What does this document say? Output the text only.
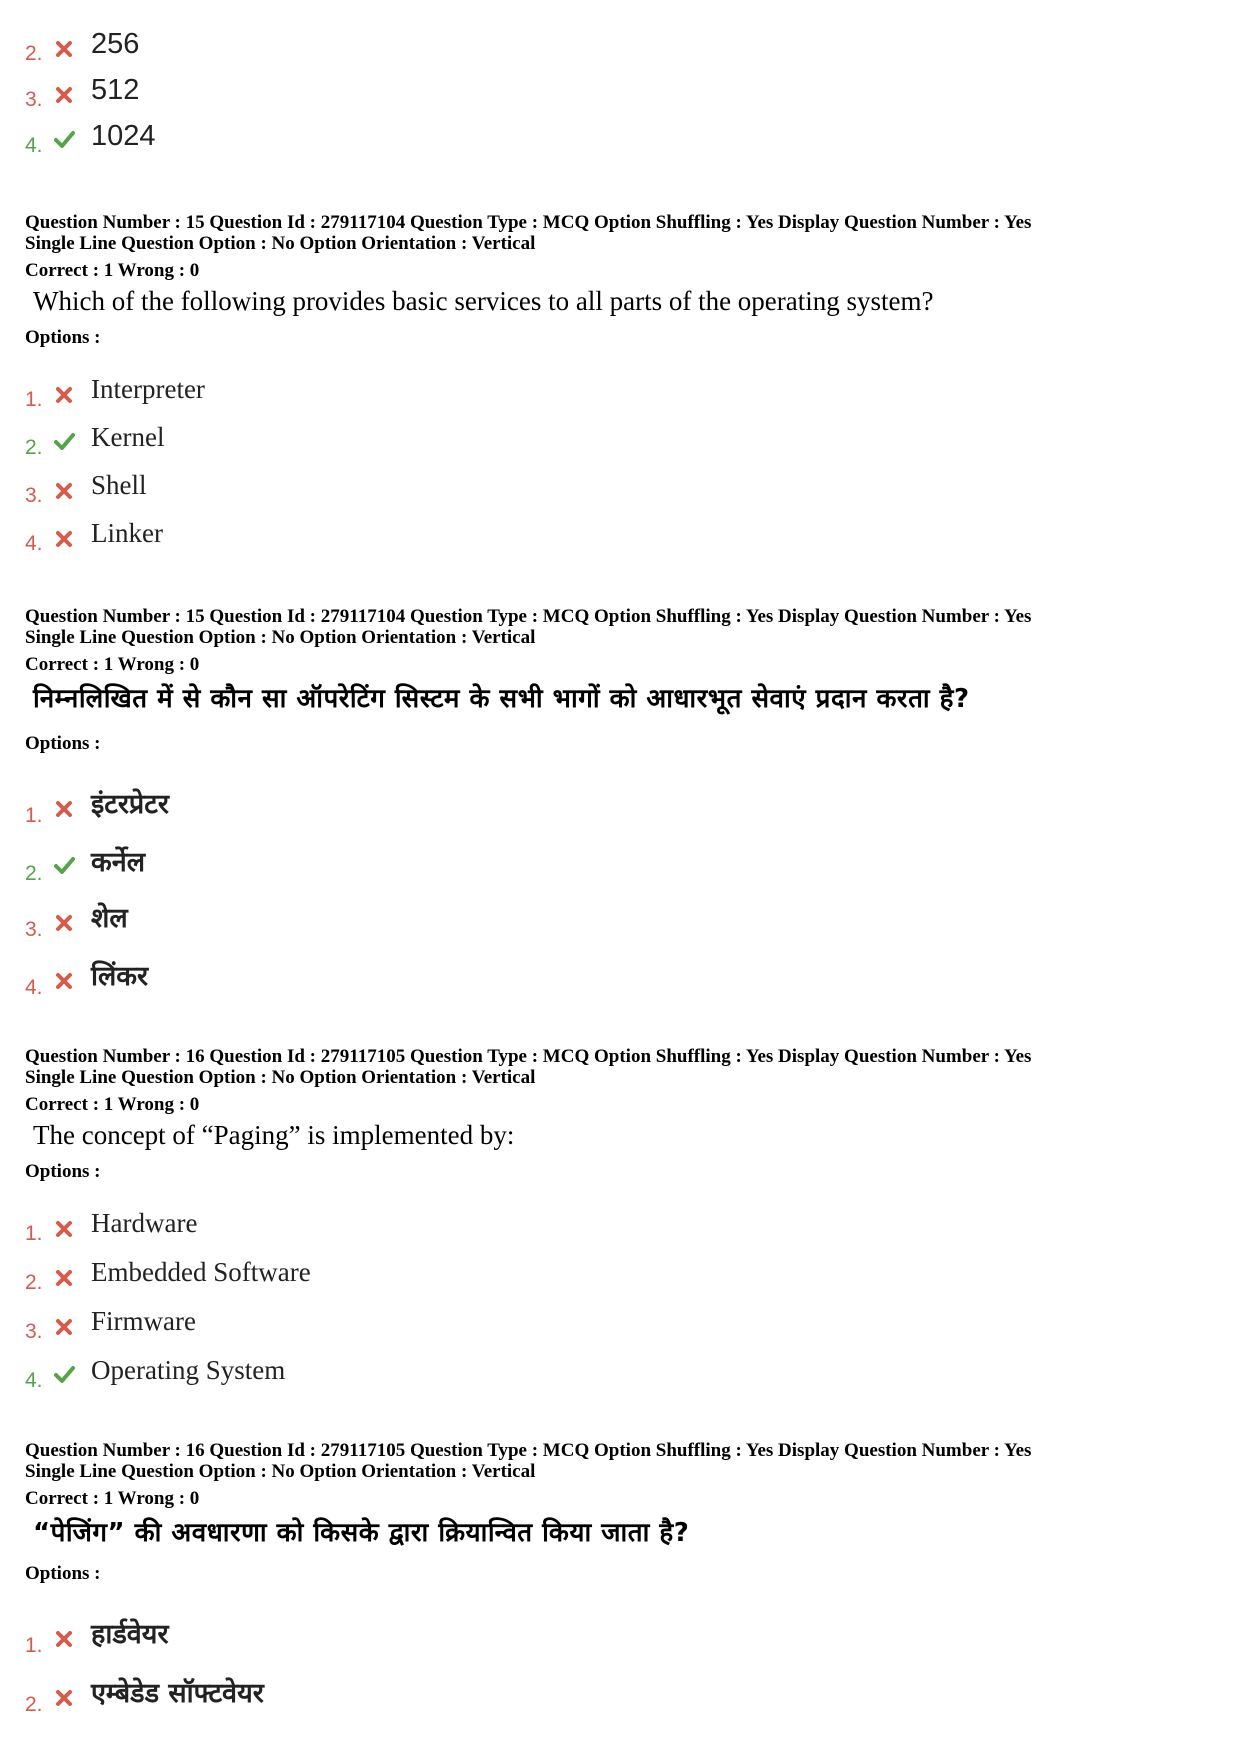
2. 256
3. 512
4. 1024
Question Number : 15 Question Id : 279117104 Question Type : MCQ Option Shuffling : Yes Display Question Number : Yes
Single Line Question Option : No Option Orientation : Vertical
Correct : 1 Wrong : 0
Which of the following provides basic services to all parts of the operating system?
Options :
1. Interpreter
2. Kernel
3. Shell
4. Linker
Question Number : 15 Question Id : 279117104 Question Type : MCQ Option Shuffling : Yes Display Question Number : Yes
Single Line Question Option : No Option Orientation : Vertical
Correct : 1 Wrong : 0
निम्नलिखित में से कौन सा ऑपरेटिंग सिस्टम के सभी भागों को आधारभूत सेवाएं प्रदान करता है?
Options :
1. इंटरप्रेटर
2. कर्नेल
3. शेल
4. लिंकर
Question Number : 16 Question Id : 279117105 Question Type : MCQ Option Shuffling : Yes Display Question Number : Yes
Single Line Question Option : No Option Orientation : Vertical
Correct : 1 Wrong : 0
The concept of “Paging” is implemented by:
Options :
1. Hardware
2. Embedded Software
3. Firmware
4. Operating System
Question Number : 16 Question Id : 279117105 Question Type : MCQ Option Shuffling : Yes Display Question Number : Yes
Single Line Question Option : No Option Orientation : Vertical
Correct : 1 Wrong : 0
“पेजिंग” की अवधारणा को किसके द्वारा क्रियान्वित किया जाता है?
Options :
1. हार्डवेयर
2. एम्बेडेड सॉफ्टवेयर
